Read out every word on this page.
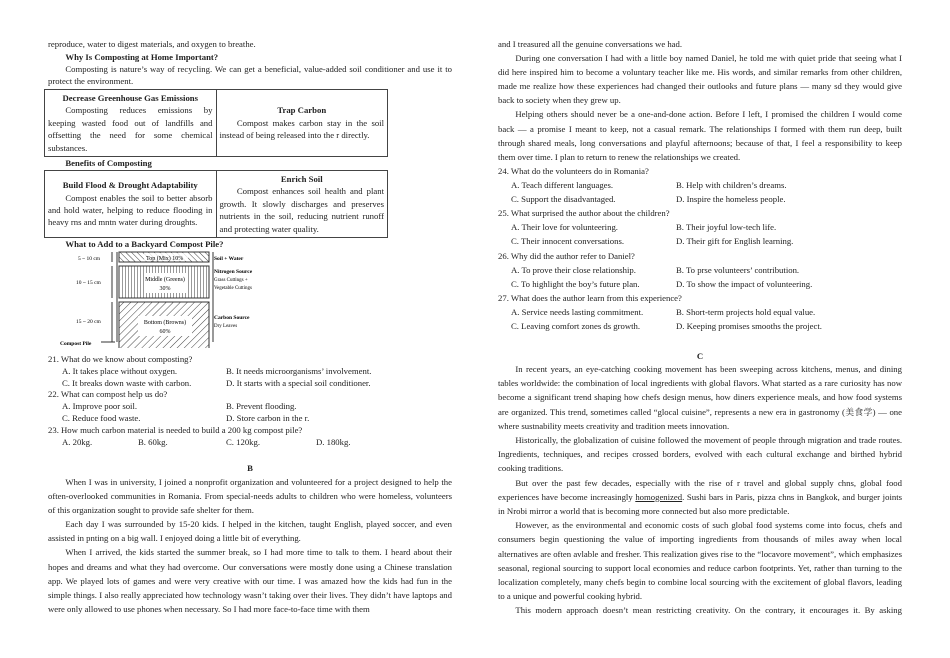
reproduce, water to digest materials, and oxygen to breathe.

Why Is Composting at Home Important?

Composting is nature’s way of recycling. We can get a beneficial, value-added soil conditioner and use it to protect the environment.

Decrease Greenhouse Gas Emissions
Composting reduces emissions by keeping wasted food out of landfills and offsetting the need for some chemical substances.

Trap Carbon
Compost makes carbon stay in the soil instead of being released into the r directly.

Benefits of Composting

Build Flood & Drought Adaptability
Compost enables the soil to better absorb and hold water, helping to reduce flooding in heavy rns and mntn water during droughts.

Enrich Soil
Compost enhances soil health and plant growth. It slowly discharges and preserves nutrients in the soil, reducing nutrient runoff and protecting water quality.

What to Add to a Backyard Compost Pile?

Top (Mix) 10%
Middle (Greens)
30%
Bottom (Browns)
60%
5 ~ 10 cm
10 ~ 15 cm
15 ~ 20 cm
Compost Pile
Soil + Water
Nitrogen Source
Grass Cuttings +
Vegetable Cuttings
Carbon Source
Dry Leaves

21. What do we know about composting?

A. It takes place without oxygen.	B. It needs microorganisms’ involvement.
C. It breaks down waste with carbon.	D. It starts with a special soil conditioner.

22. What can compost help us do?

A. Improve poor soil.	B. Prevent flooding.
C. Reduce food waste.	D. Store carbon in the r.

23. How much carbon material is needed to build a 200 kg compost pile?

A. 20kg.	B. 60kg.	C. 120kg.	D. 180kg.

B

When I was in university, I joined a nonprofit organization and volunteered for a project designed to help the often-overlooked communities in Romania. From special-needs adults to children who were homeless, volunteers of this organization sought to provide safe shelter for them.

Each day I was surrounded by 15-20 kids. I helped in the kitchen, taught English, played soccer, and even assisted in pnting on a big wall. I enjoyed doing a little bit of everything.

When I arrived, the kids started the summer break, so I had more time to talk to them. I heard about their hopes and dreams and what they had overcome. Our conversations were mostly done using a Chinese translation app. We played lots of games and were very creative with our time. I was amazed how the kids had fun in the simple things. I also really appreciated how technology wasn’t taking over their lives. They didn’t have laptops and were only allowed to use phones when necessary. So I had more face-to-face time with them

and I treasured all the genuine conversations we had.

During one conversation I had with a little boy named Daniel, he told me with quiet pride that seeing what I did here inspired him to become a voluntary teacher like me. His words, and similar remarks from other children, made me realize how these experiences had changed their outlooks and future plans — many sd they would give back to society when they grew up.

Helping others should never be a one-and-done action. Before I left, I promised the children I would come back — a promise I meant to keep, not a casual remark. The relationships I formed with them run deep, built through shared meals, long conversations and playful afternoons; because of that, I feel a responsibility to keep them over time. I plan to return to renew the relationships we created.

24. What do the volunteers do in Romania?

A. Teach different languages.	B. Help with children’s dreams.
C. Support the disadvantaged.	D. Inspire the homeless people.

25. What surprised the author about the children?

A. Their love for volunteering.	B. Their joyful low-tech life.
C. Their innocent conversations.	D. Their gift for English learning.

26. Why did the author refer to Daniel?

A. To prove their close relationship.	B. To prse volunteers’ contribution.
C. To highlight the boy’s future plan.	D. To show the impact of volunteering.

27. What does the author learn from this experience?

A. Service needs lasting commitment.	B. Short-term projects hold equal value.
C. Leaving comfort zones ds growth.	D. Keeping promises smooths the project.

C

In recent years, an eye-catching cooking movement has been sweeping across kitchens, menus, and dining tables worldwide: the combination of local ingredients with global flavors. What started as a rare curiosity has now become a significant trend shaping how chefs design menus, how diners experience meals, and how food systems are organized. This trend, sometimes called “glocal cuisine”, represents a new era in gastronomy (美食学) — one where sustnability meets creativity and tradition meets innovation.

Historically, the globalization of cuisine followed the movement of people through migration and trade routes. Ingredients, techniques, and recipes crossed borders, evolved with each cultural exchange and birthed hybrid cooking traditions.

But over the past few decades, especially with the rise of r travel and global supply chns, global food experiences have become increasingly homogenized. Sushi bars in Paris, pizza chns in Bangkok, and burger joints in Nrobi mirror a world that is becoming more connected but also more predictable.

However, as the environmental and economic costs of such global food systems come into focus, chefs and consumers begin questioning the value of importing ingredients from thousands of miles away when local alternatives are often avlable and fresher. This realization gives rise to the “locavore movement”, which emphasizes seasonal, regional sourcing to support local economies and reduce carbon footprints. Yet, rather than turning to the localization completely, many chefs begin to combine local sourcing with the excitement of global flavors, leading to a unique and powerful cooking hybrid.

This modern approach doesn’t mean restricting creativity. On the contrary, it encourages it. By asking
